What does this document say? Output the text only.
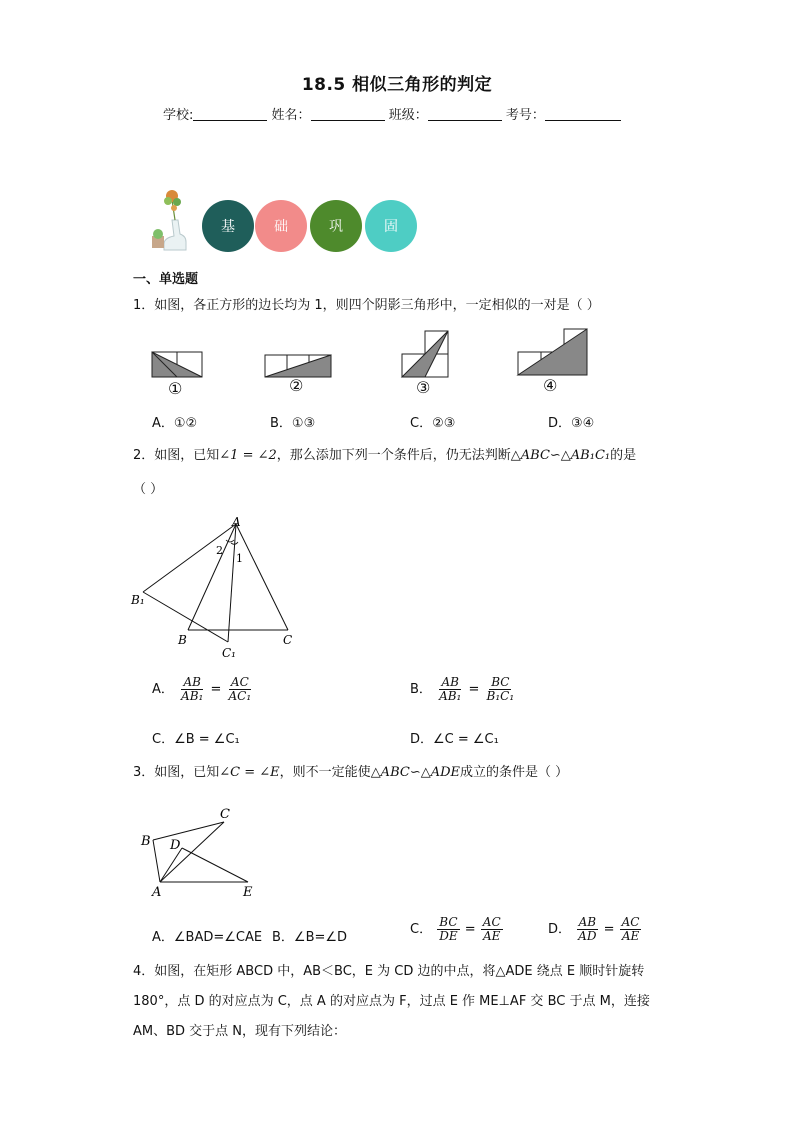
18.5 相似三角形的判定
学校:	姓名：	班级：	考号：
基	础	巩	固
一、单选题
1．如图，各正方形的边长均为 1，则四个阴影三角形中，一定相似的一对是（ ）
①	②	③	④
A．①②	B．①③	C．②③	D．③④
2．如图，已知∠1 = ∠2，那么添加下列一个条件后，仍无法判断△ABC∽△AB₁C₁的是
（ ）
A
B₁
B
C₁
C
1
2
A． $\frac{AB}{\text{AB₁}} = \frac{AC}{\text{AC₁}}$	B． $\frac{AB}{\text{AB₁}} = \frac{BC}{\text{B₁C₁}}$
C．∠B = ∠C₁	D．∠C = ∠C₁
3．如图，已知∠C = ∠E，则不一定能使△ABC∽△ADE成立的条件是（ ）
C
B D
A	E
A．∠BAD=∠CAE B．∠B=∠D
C． $\frac{BC}{DE} = \frac{AC}{AE}$	D． $\frac{AB}{AD} = \frac{AC}{AE}$
4．如图，在矩形 ABCD 中，AB＜BC，E 为 CD 边的中点，将△ADE 绕点 E 顺时针旋转
180°，点 D 的对应点为 C，点 A 的对应点为 F，过点 E 作 ME⊥AF 交 BC 于点 M，连接
AM、BD 交于点 N，现有下列结论：
